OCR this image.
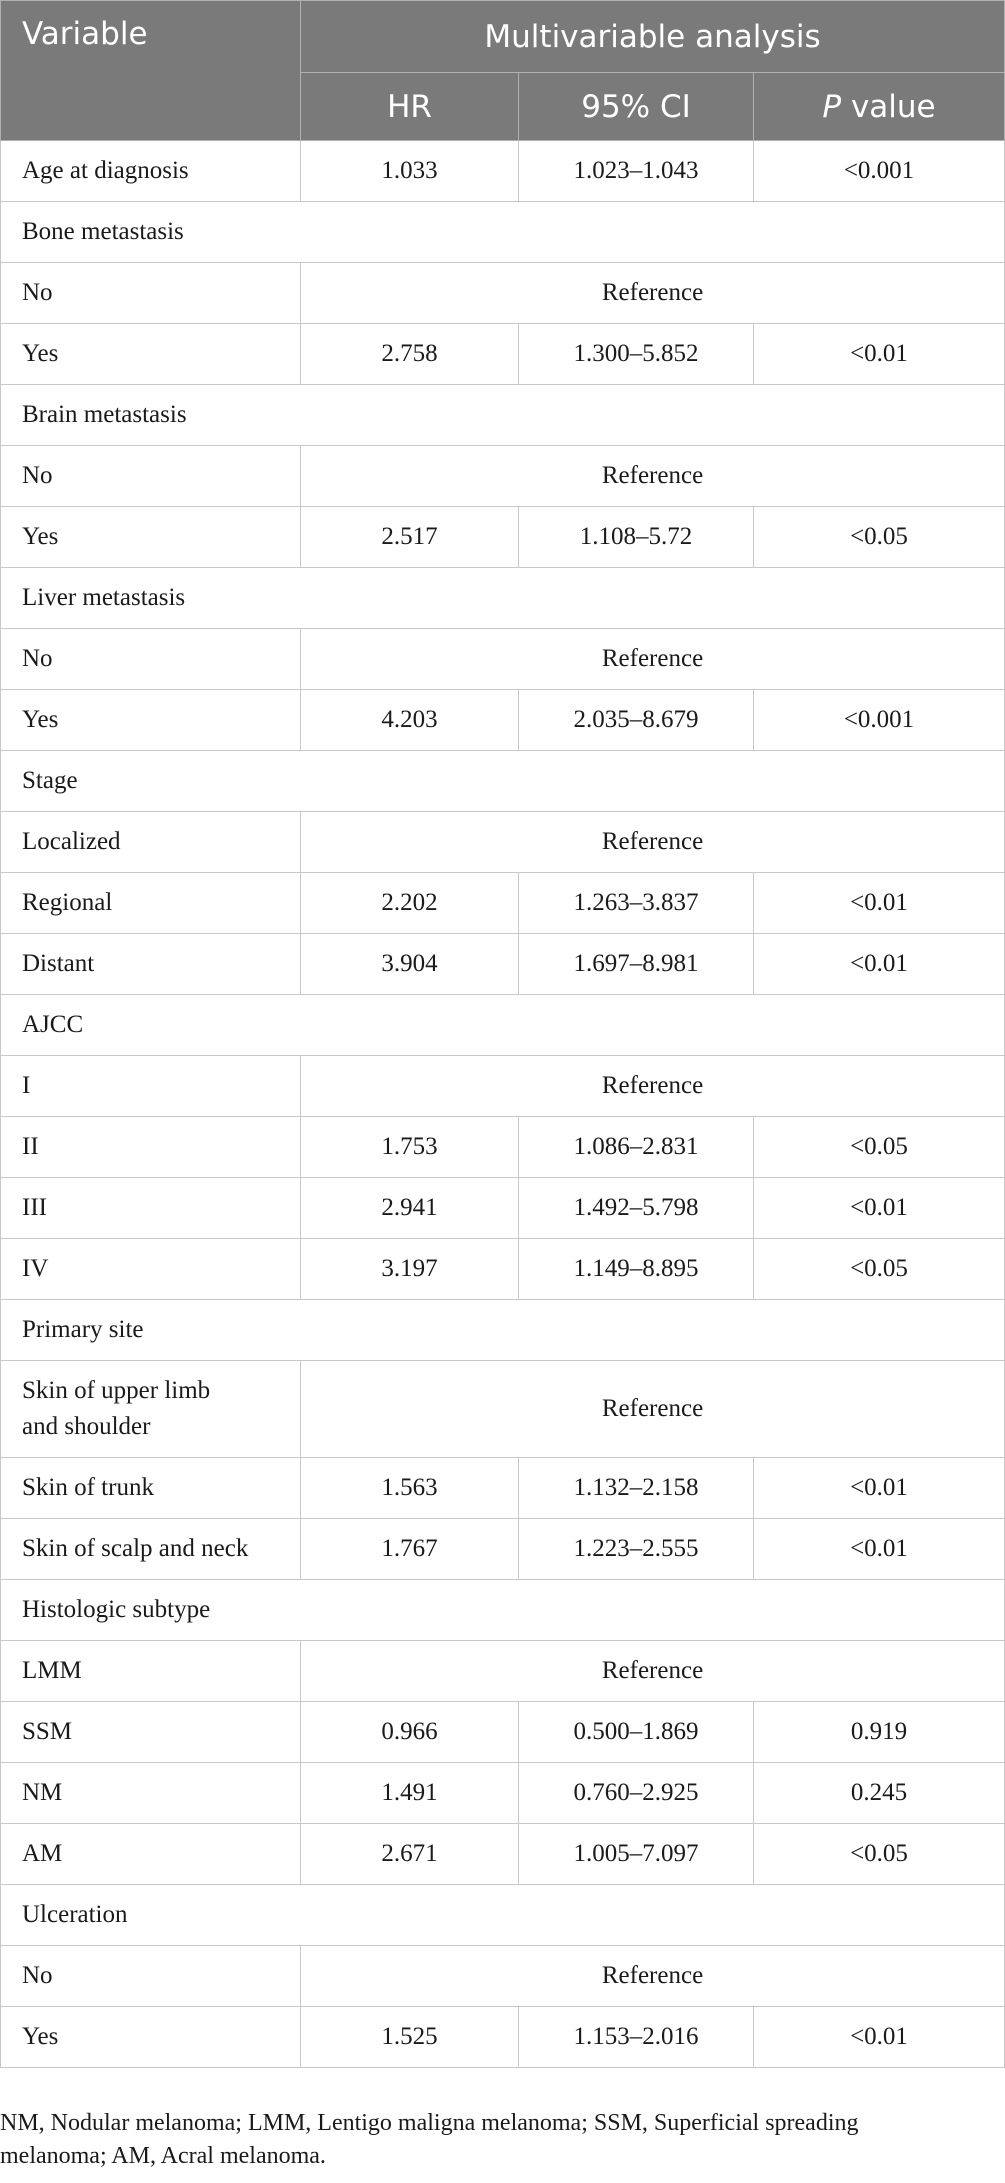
Variable	Multivariable analysis		
	HR	95% CI	P value
Age at diagnosis	1.033	1.023–1.043	<0.001
Bone metastasis			
No	Reference		
Yes	2.758	1.300–5.852	<0.01
Brain metastasis			
No	Reference		
Yes	2.517	1.108–5.72	<0.05
Liver metastasis			
No	Reference		
Yes	4.203	2.035–8.679	<0.001
Stage			
Localized	Reference		
Regional	2.202	1.263–3.837	<0.01
Distant	3.904	1.697–8.981	<0.01
AJCC			
I	Reference		
II	1.753	1.086–2.831	<0.05
III	2.941	1.492–5.798	<0.01
IV	3.197	1.149–8.895	<0.05
Primary site			
Skin of upper limb
and shoulder	Reference		
Skin of trunk	1.563	1.132–2.158	<0.01
Skin of scalp and neck	1.767	1.223–2.555	<0.01
Histologic subtype			
LMM	Reference		
SSM	0.966	0.500–1.869	0.919
NM	1.491	0.760–2.925	0.245
AM	2.671	1.005–7.097	<0.05
Ulceration			
No	Reference		
Yes	1.525	1.153–2.016	<0.01

NM, Nodular melanoma; LMM, Lentigo maligna melanoma; SSM, Superficial spreading
melanoma; AM, Acral melanoma.
